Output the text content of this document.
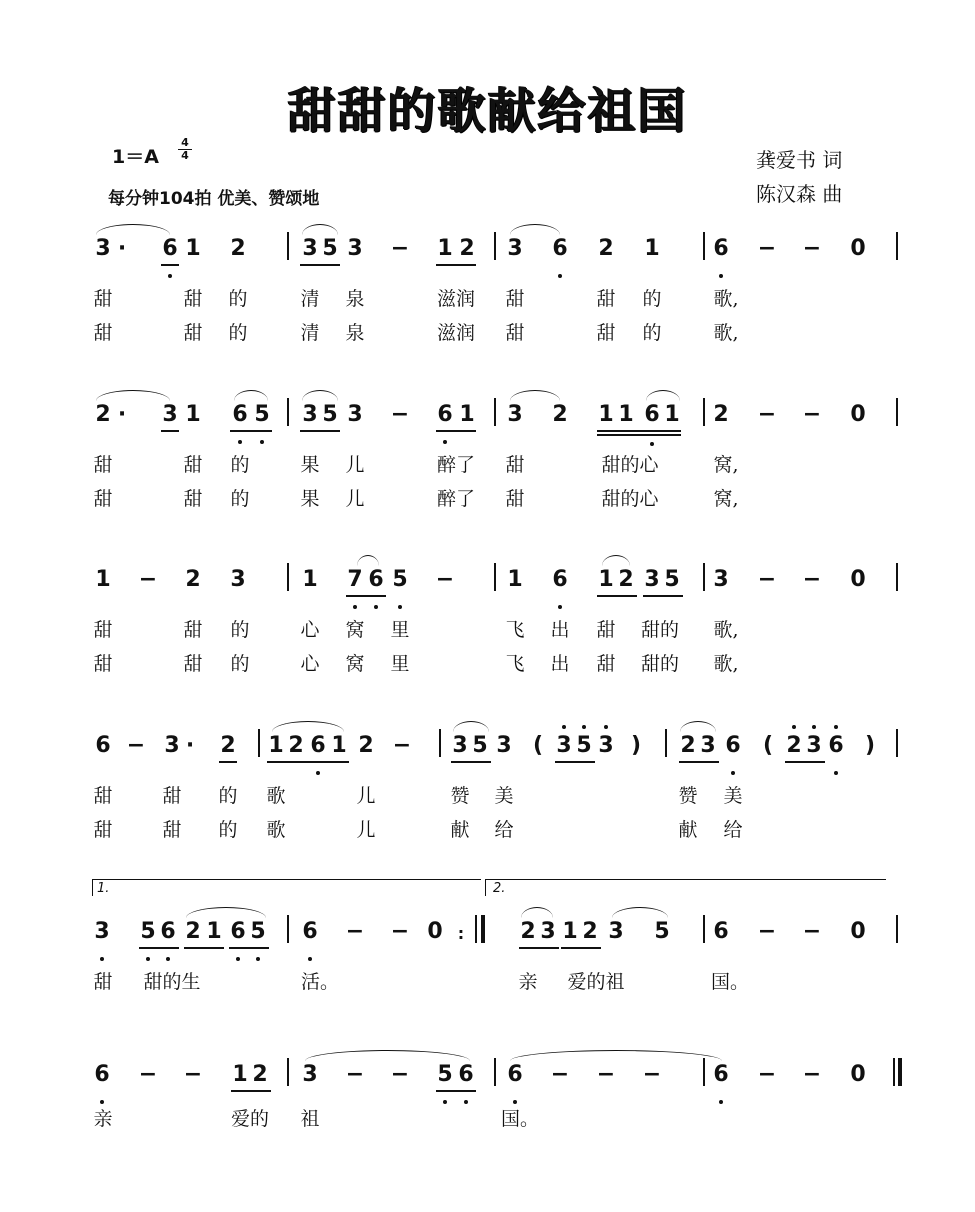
甜甜的歌献给祖国
1＝A
4
4
每分钟104拍 优美、赞颂地
龚爱书 词
陈汉森 曲
3 · 6 1 2	3 5 3 − 1 2 3 6 2 1 6 − − 0
甜	甜 的	清 泉	滋润 甜	甜 的	歌,
甜	甜 的	清 泉	滋润 甜	甜 的	歌,
2 · 3 1 6 5 3 5 3 − 6 1 3 2 1 1 6 1 2 − − 0
甜	甜 的	果 儿	醉了 甜	甜的心	窝,
甜	甜 的	果 儿	醉了 甜	甜的心	窝,
1 − 2 3	1 7 6 5 − 1 6 1 2 3 5 3 − − 0
甜	甜 的	心 窝 里	飞 出 甜 甜的 歌,
甜	甜 的	心 窝 里	飞 出 甜 甜的 歌,
6 − 3 · 2 1 2 6 1 2 − 3 5 3 ( 3 5 3 ) 2 3 6 ( 2 3 6 )
甜	甜 的 歌	儿	赞 美	赞 美
甜	甜 的 歌	儿	献 给	献 给
1.	2.
3 5 6 2 1 6 5 6 − − 0 :	2 3 1 2 3 5 6 − − 0
甜 甜的生	活。	亲 爱的祖	国。
6 − − 1 2 3 − − 5 6 6 − − − 6 − − 0
亲	爱的 祖	国。
